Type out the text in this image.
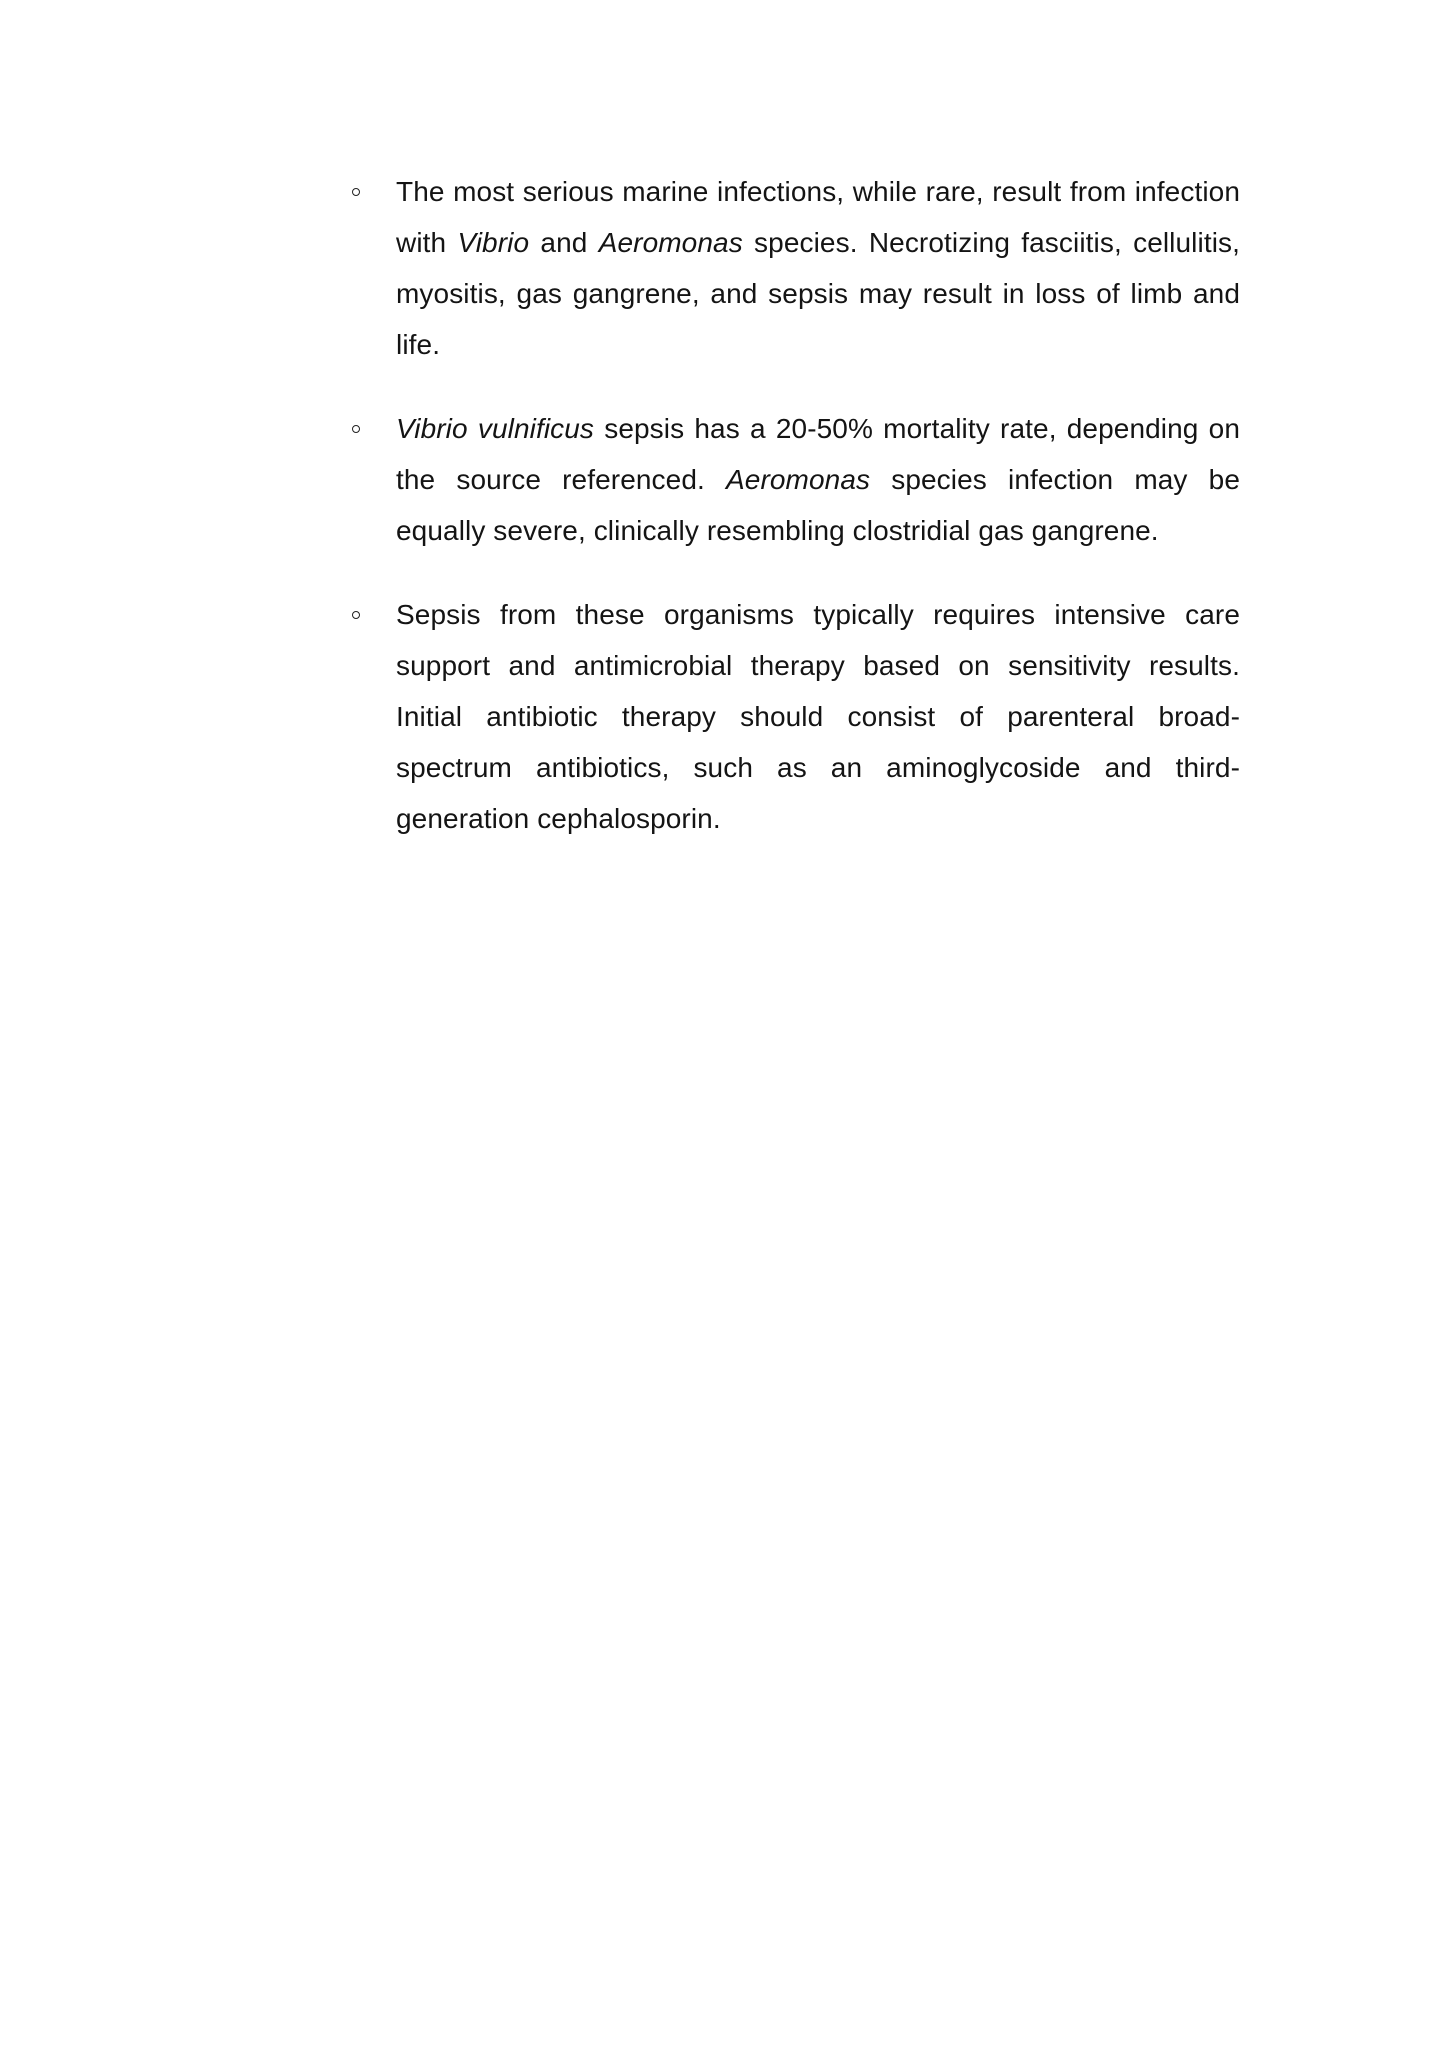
The most serious marine infections, while rare, result from infection with Vibrio and Aeromonas species. Necrotizing fasciitis, cellulitis, myositis, gas gangrene, and sepsis may result in loss of limb and life.

Vibrio vulnificus sepsis has a 20-50% mortality rate, depending on the source referenced. Aeromonas species infection may be equally severe, clinically resembling clostridial gas gangrene.

Sepsis from these organisms typically requires intensive care support and antimicrobial therapy based on sensitivity results. Initial antibiotic therapy should consist of parenteral broad-spectrum antibiotics, such as an aminoglycoside and third-generation cephalosporin.
